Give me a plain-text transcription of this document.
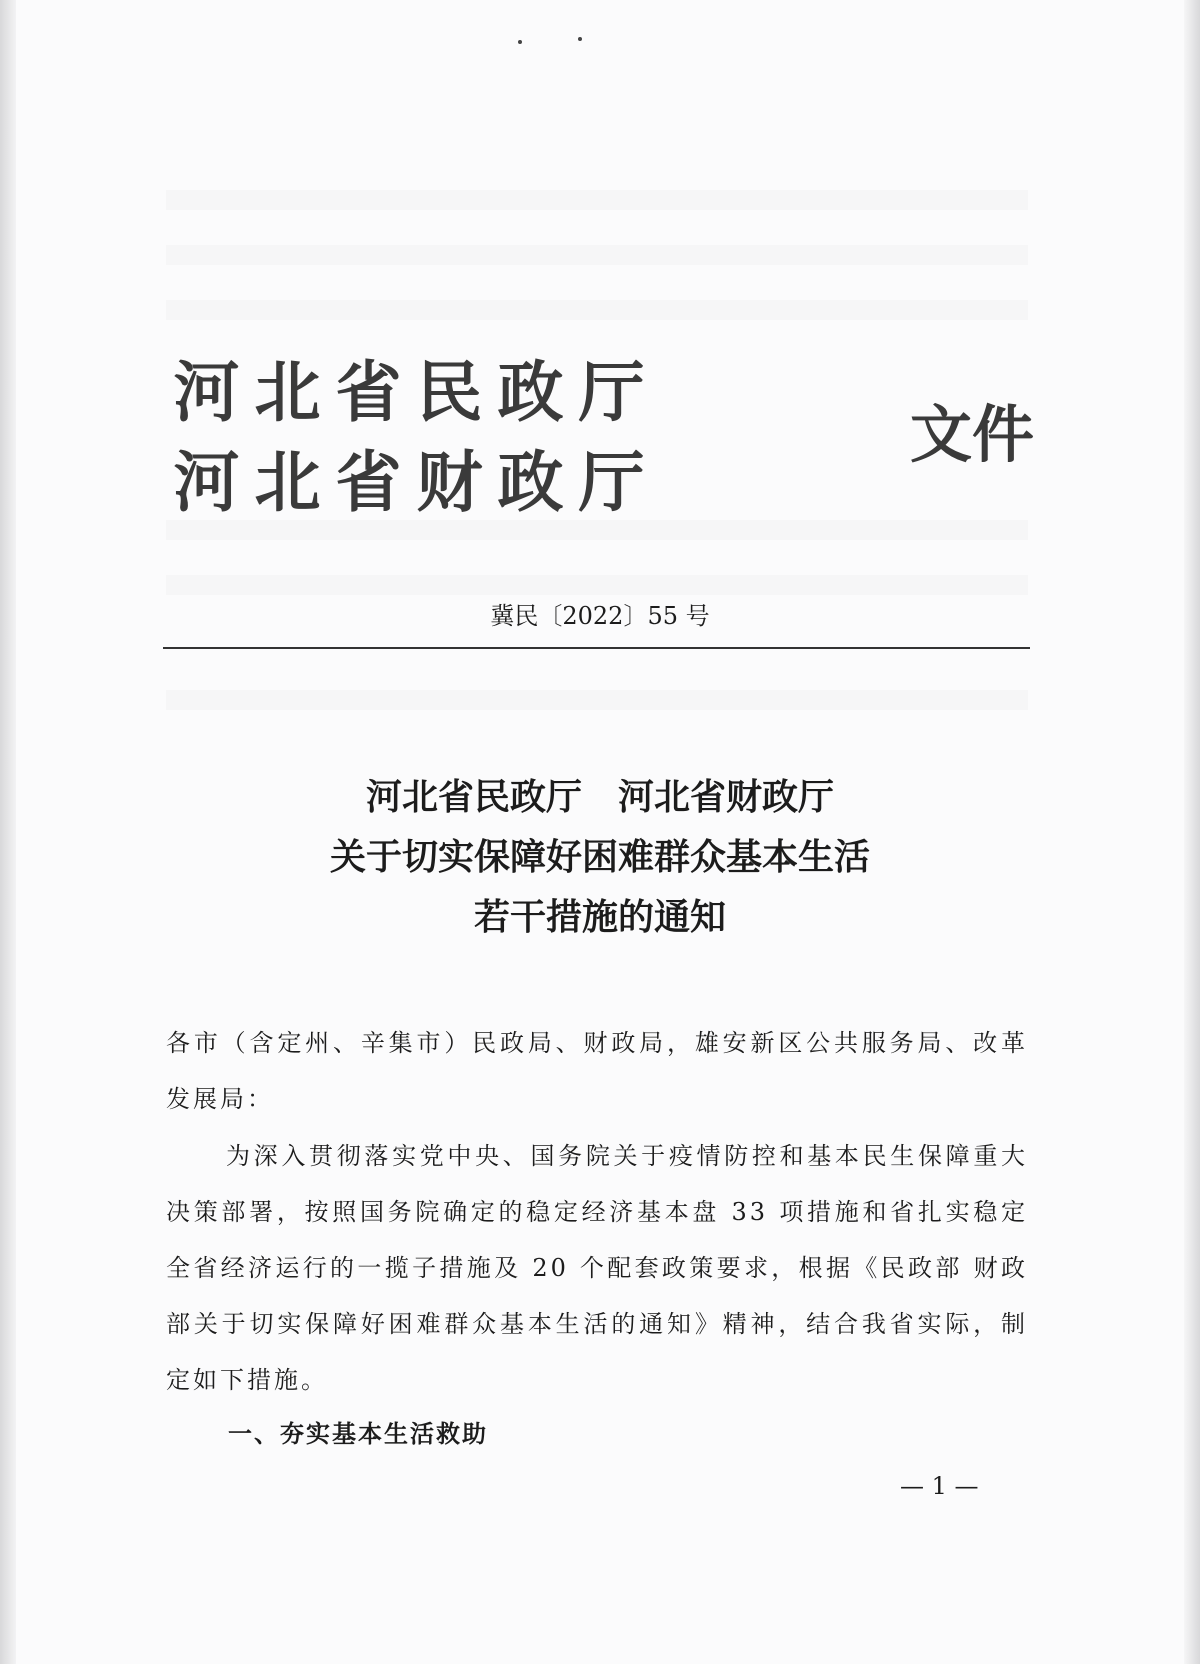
河 北 省 民 政 厅
河 北 省 财 政 厅
文件
冀民〔2022〕55 号
河北省民政厅　河北省财政厅
关于切实保障好困难群众基本生活
若干措施的通知
各市（含定州、辛集市）民政局、财政局，雄安新区公共服务局、改革发展局：
为深入贯彻落实党中央、国务院关于疫情防控和基本民生保障重大决策部署，按照国务院确定的稳定经济基本盘 33 项措施和省扎实稳定全省经济运行的一揽子措施及 20 个配套政策要求，根据《民政部 财政部关于切实保障好困难群众基本生活的通知》精神，结合我省实际，制定如下措施。
一、夯实基本生活救助
— 1 —
